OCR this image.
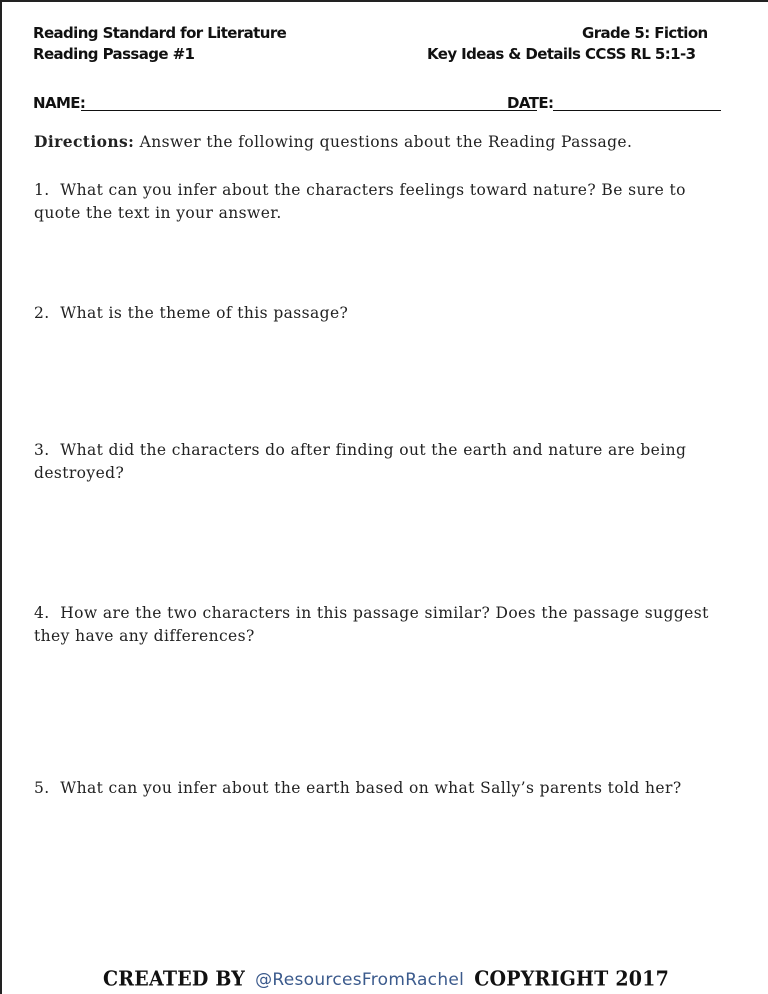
Reading Standard for Literature
Reading Passage #1
Grade 5: Fiction
Key Ideas & Details CCSS RL 5:1-3
NAME:	DATE:
Directions: Answer the following questions about the Reading Passage.
1. What can you infer about the characters feelings toward nature? Be sure to quote the text in your answer.
2. What is the theme of this passage?
3. What did the characters do after finding out the earth and nature are being destroyed?
4. How are the two characters in this passage similar? Does the passage suggest they have any differences?
5. What can you infer about the earth based on what Sally’s parents told her?
CREATED BY @ResourcesFromRachel COPYRIGHT 2017
